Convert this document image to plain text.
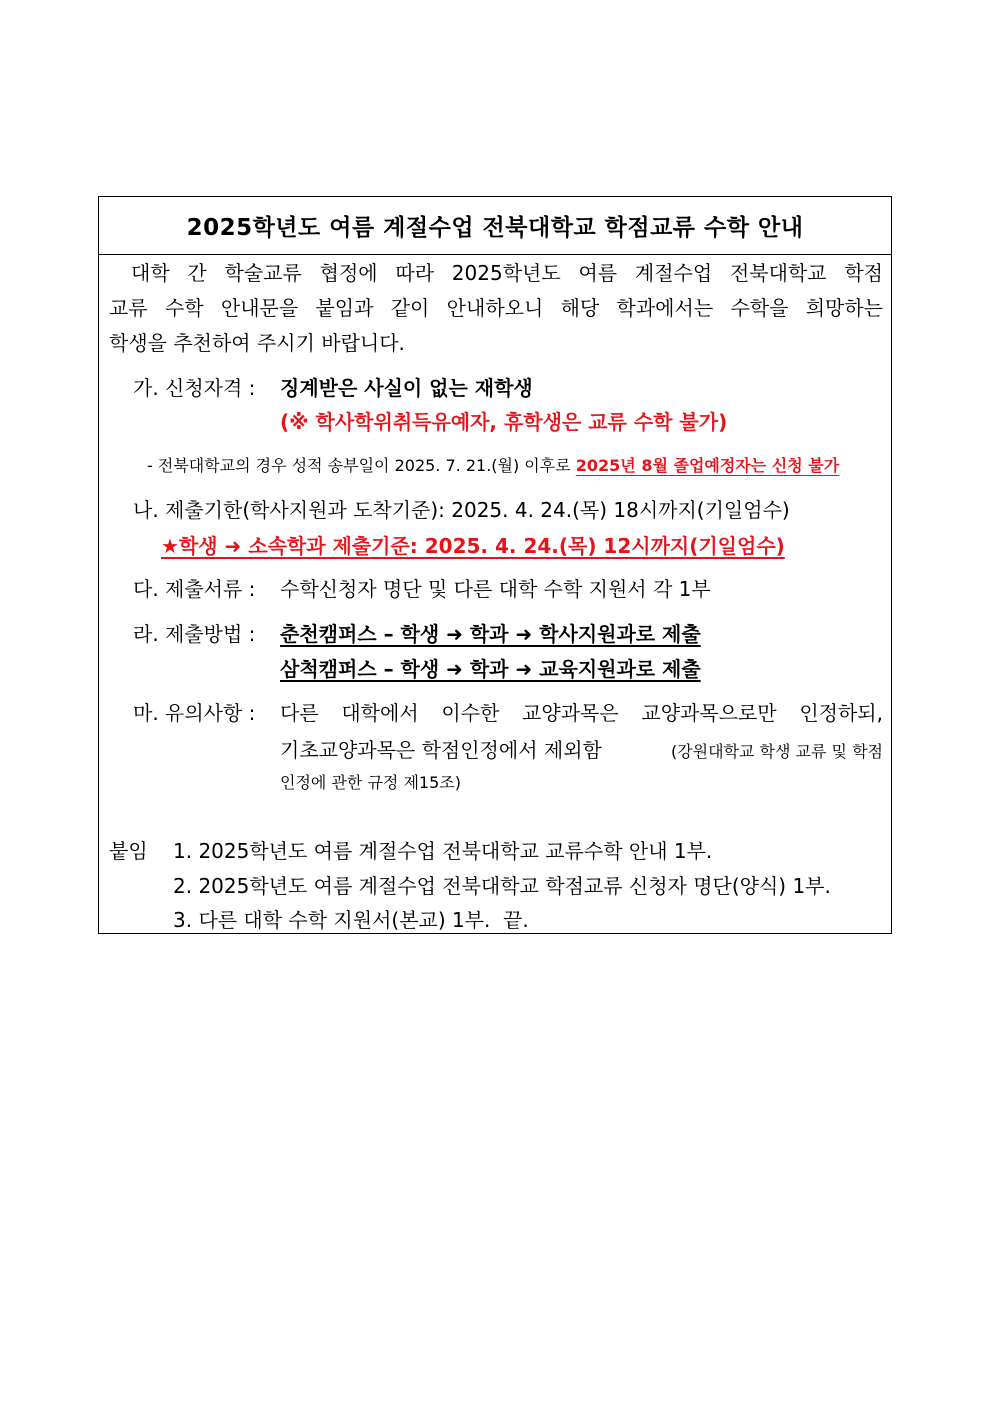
2025학년도 여름 계절수업 전북대학교 학점교류 수학 안내
대학 간 학술교류 협정에 따라 2025학년도 여름 계절수업 전북대학교 학점
교류 수학 안내문을 붙임과 같이 안내하오니 해당 학과에서는 수학을 희망하는
학생을 추천하여 주시기 바랍니다.
가. 신청자격 : 징계받은 사실이 없는 재학생
(※ 학사학위취득유예자, 휴학생은 교류 수학 불가)
- 전북대학교의 경우 성적 송부일이 2025. 7. 21.(월) 이후로 2025년 8월 졸업예정자는 신청 불가
나. 제출기한(학사지원과 도착기준): 2025. 4. 24.(목) 18시까지(기일엄수)
★학생 ➜ 소속학과 제출기준: 2025. 4. 24.(목) 12시까지(기일엄수)
다. 제출서류 : 수학신청자 명단 및 다른 대학 수학 지원서 각 1부
라. 제출방법 : 춘천캠퍼스 – 학생 ➜ 학과 ➜ 학사지원과로 제출
삼척캠퍼스 – 학생 ➜ 학과 ➜ 교육지원과로 제출
마. 유의사항 : 다른 대학에서 이수한 교양과목은 교양과목으로만 인정하되,
기초교양과목은 학점인정에서 제외함	(강원대학교 학생 교류 및 학점
인정에 관한 규정 제15조)
붙임 1. 2025학년도 여름 계절수업 전북대학교 교류수학 안내 1부.
2. 2025학년도 여름 계절수업 전북대학교 학점교류 신청자 명단(양식) 1부.
3. 다른 대학 수학 지원서(본교) 1부.  끝.
